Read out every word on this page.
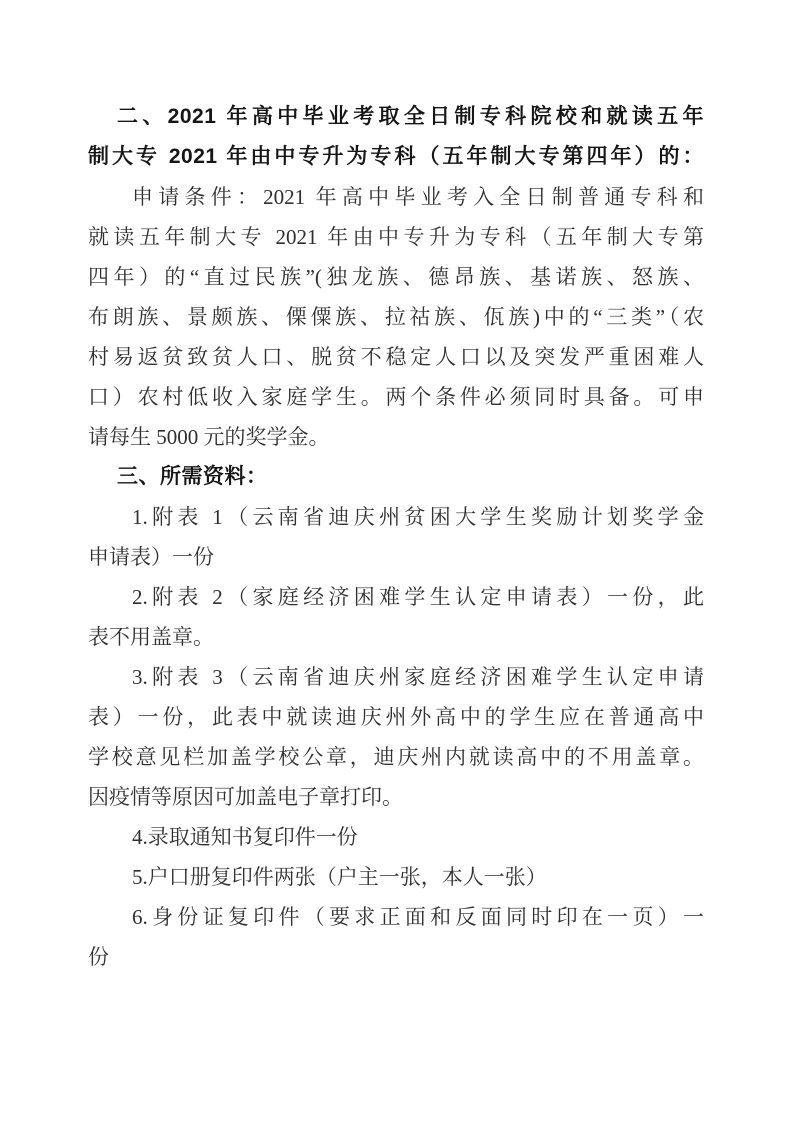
二、2021 年高中毕业考取全日制专科院校和就读五年
制大专 2021 年由中专升为专科（五年制大专第四年）的：
申请条件：2021 年高中毕业考入全日制普通专科和
就读五年制大专 2021 年由中专升为专科（五年制大专第
四年）的“直过民族”(独龙族、德昂族、基诺族、怒族、
布朗族、景颇族、傈僳族、拉祜族、佤族)中的“三类”（农
村易返贫致贫人口、脱贫不稳定人口以及突发严重困难人
口）农村低收入家庭学生。两个条件必须同时具备。可申
请每生 5000 元的奖学金。
三、所需资料：
1.附表 1（云南省迪庆州贫困大学生奖励计划奖学金
申请表）一份
2.附表 2（家庭经济困难学生认定申请表）一份，此
表不用盖章。
3.附表 3（云南省迪庆州家庭经济困难学生认定申请
表）一份，此表中就读迪庆州外高中的学生应在普通高中
学校意见栏加盖学校公章，迪庆州内就读高中的不用盖章。
因疫情等原因可加盖电子章打印。
4.录取通知书复印件一份
5.户口册复印件两张（户主一张，本人一张）
6.身份证复印件（要求正面和反面同时印在一页）一
份
